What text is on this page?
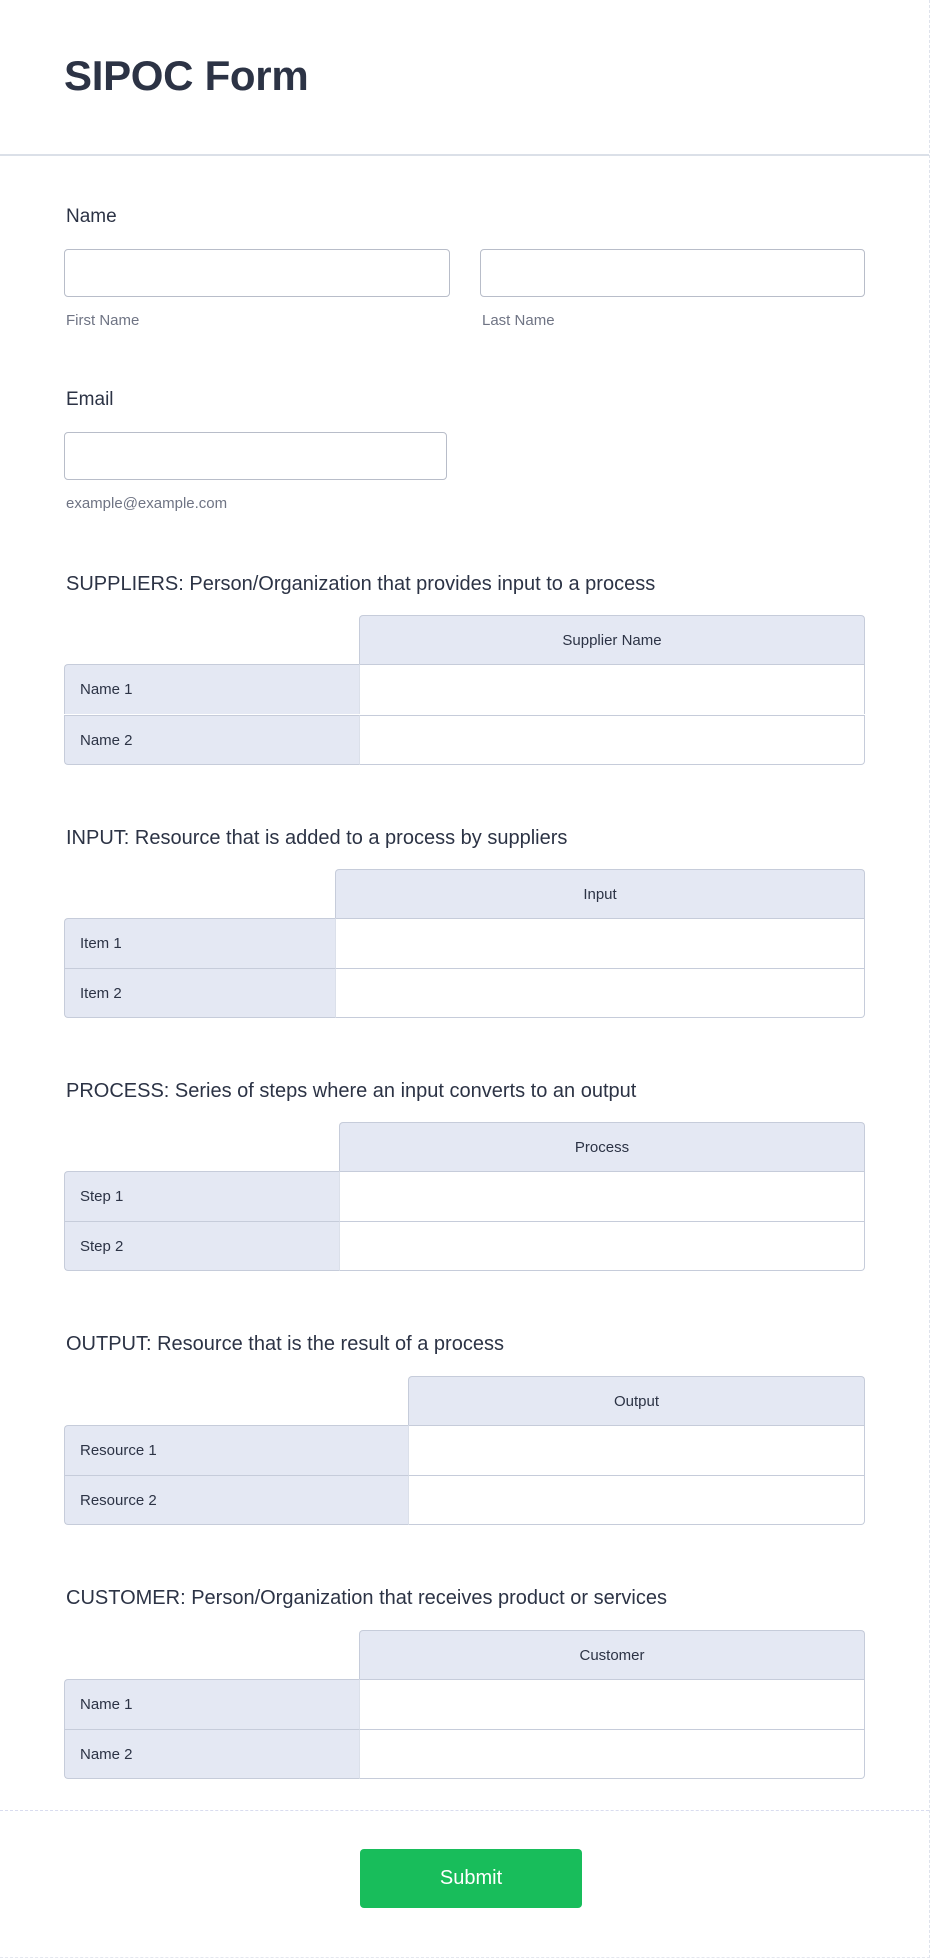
SIPOC Form
Name
First Name	Last Name
Email
example@example.com
SUPPLIERS: Person/Organization that provides input to a process
Supplier Name
Name 1
Name 2
INPUT: Resource that is added to a process by suppliers
Input
Item 1
Item 2
PROCESS: Series of steps where an input converts to an output
Process
Step 1
Step 2
OUTPUT: Resource that is the result of a process
Output
Resource 1
Resource 2
CUSTOMER: Person/Organization that receives product or services
Customer
Name 1
Name 2
Submit
